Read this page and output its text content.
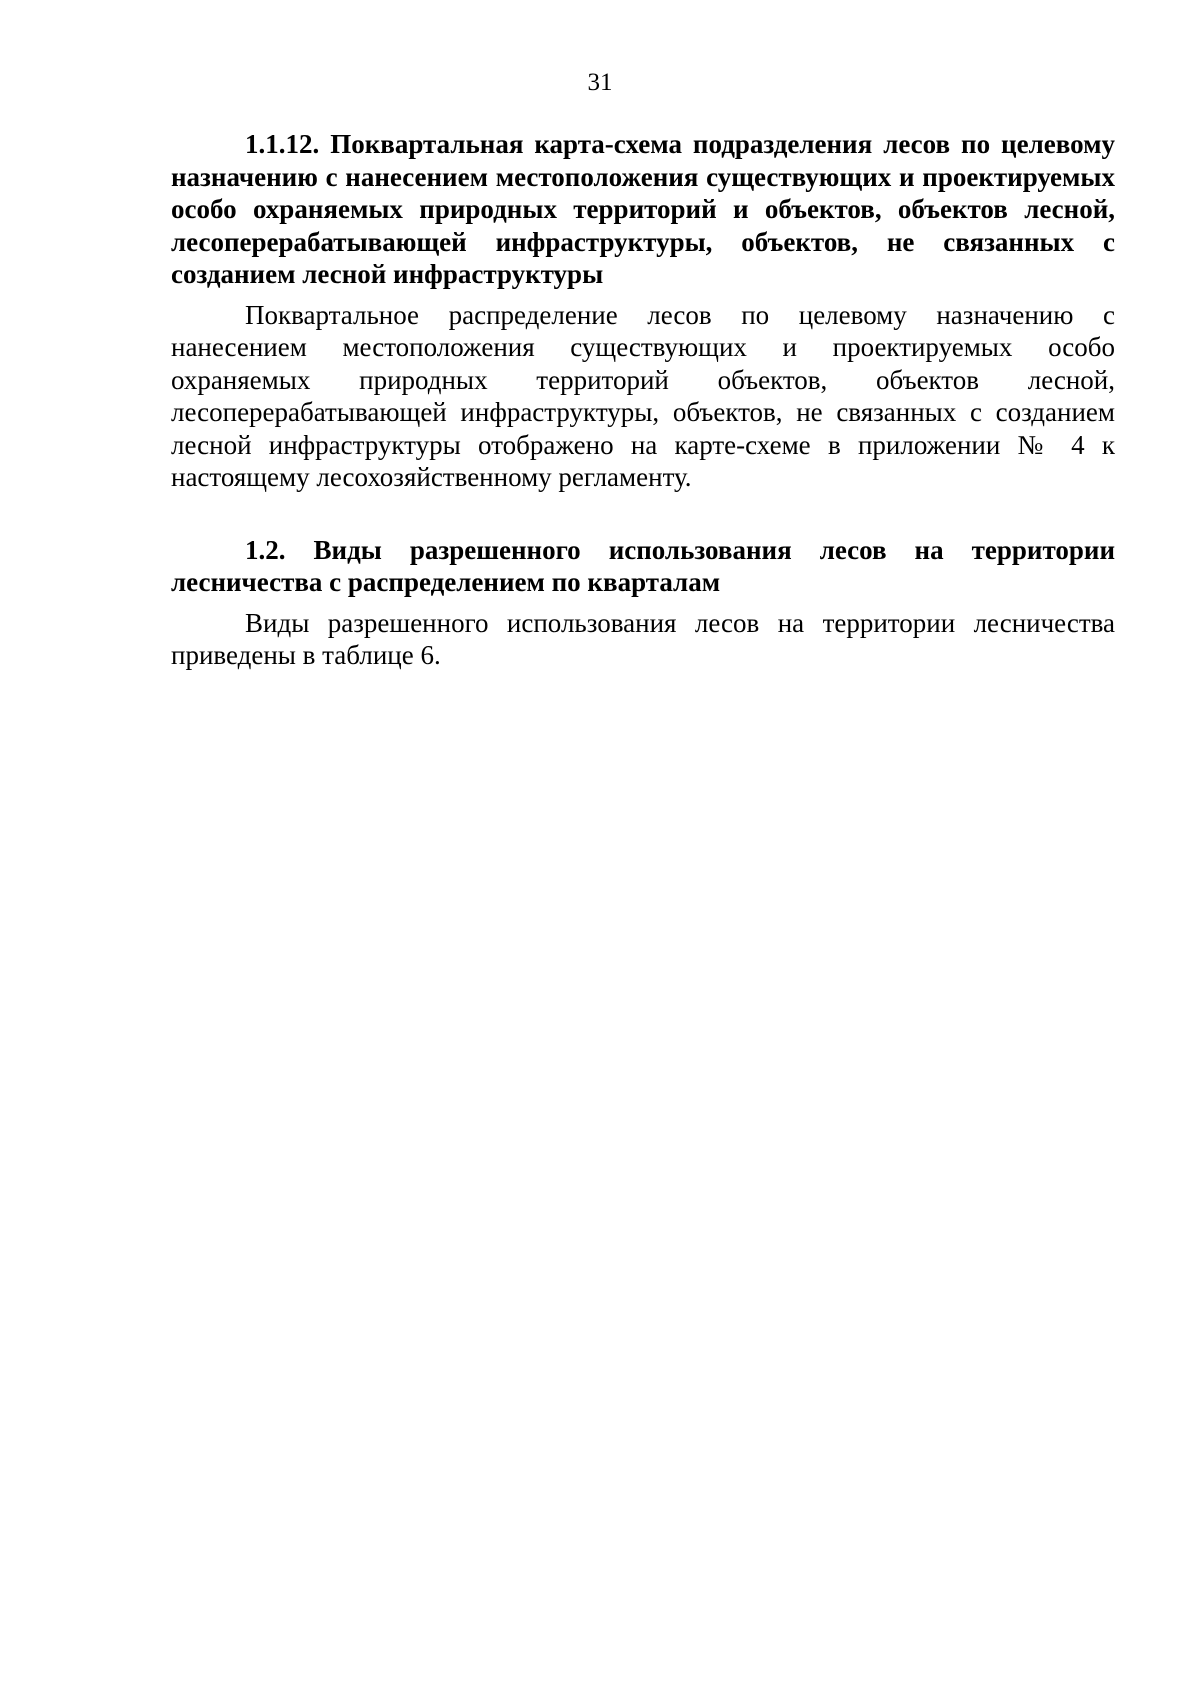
31

1.1.12. Поквартальная карта-схема подразделения лесов по целевому назначению с нанесением местоположения существующих и проектируемых особо охраняемых природных территорий и объектов, объектов лесной, лесоперерабатывающей инфраструктуры, объектов, не связанных с созданием лесной инфраструктуры

Поквартальное распределение лесов по целевому назначению с нанесением местоположения существующих и проектируемых особо охраняемых природных территорий объектов, объектов лесной, лесоперерабатывающей инфраструктуры, объектов, не связанных с созданием лесной инфраструктуры отображено на карте-схеме в приложении № 4 к настоящему лесохозяйственному регламенту.

1.2. Виды разрешенного использования лесов на территории лесничества с распределением по кварталам

Виды разрешенного использования лесов на территории лесничества приведены в таблице 6.
